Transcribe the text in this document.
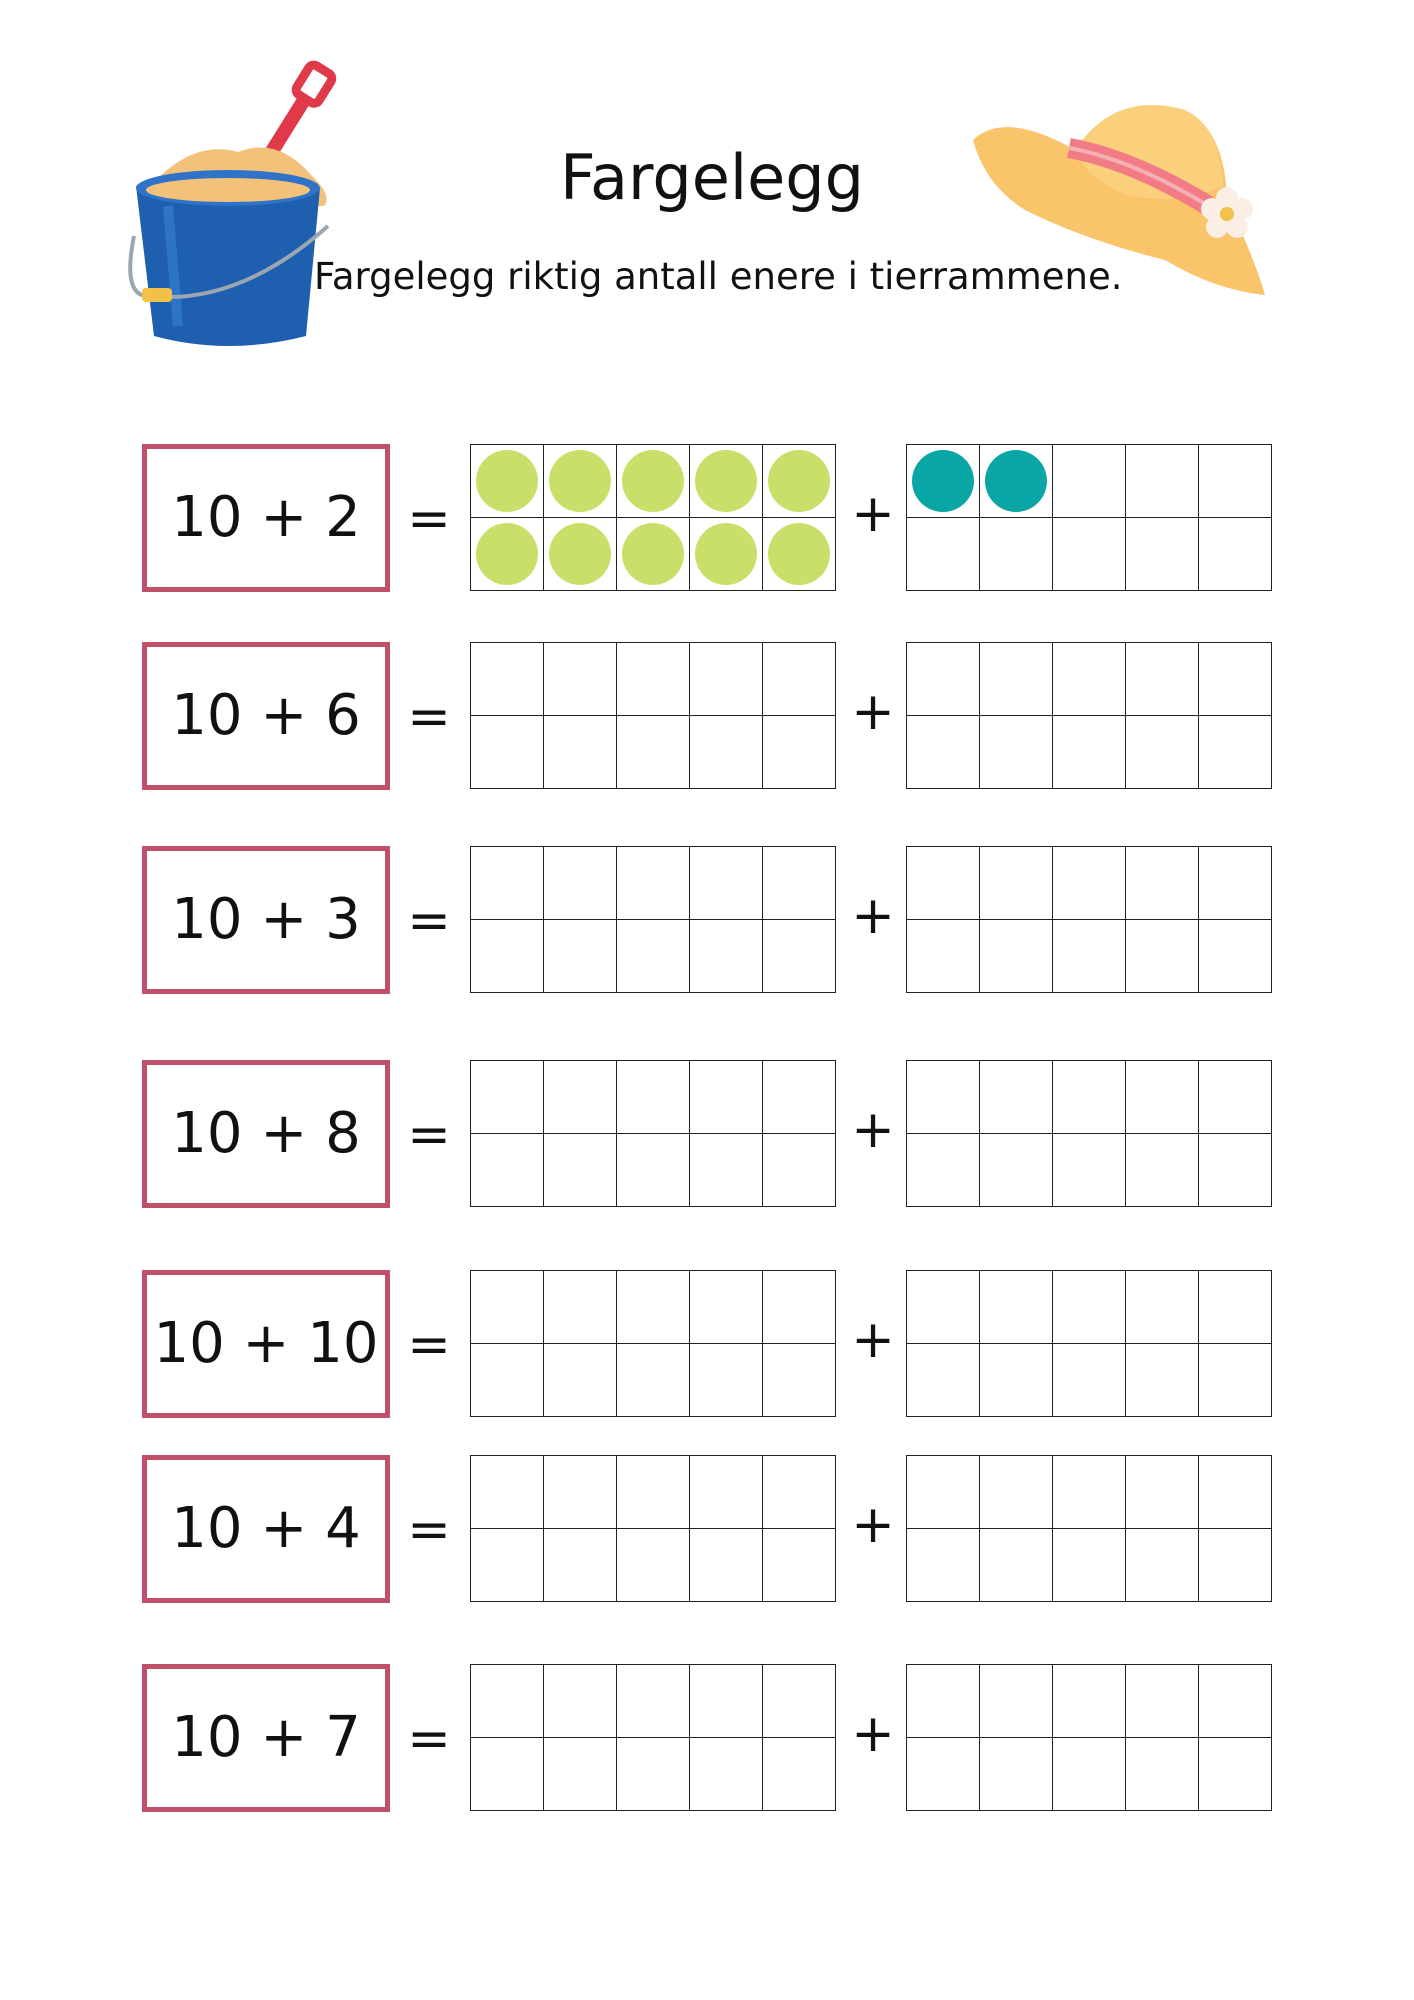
Fargelegg
Fargelegg riktig antall enere i tierrammene.
10 + 2 =	+
10 + 6 =	+
10 + 3 =	+
10 + 8 =	+
10 + 10 =	+
10 + 4 =	+
10 + 7 =	+
